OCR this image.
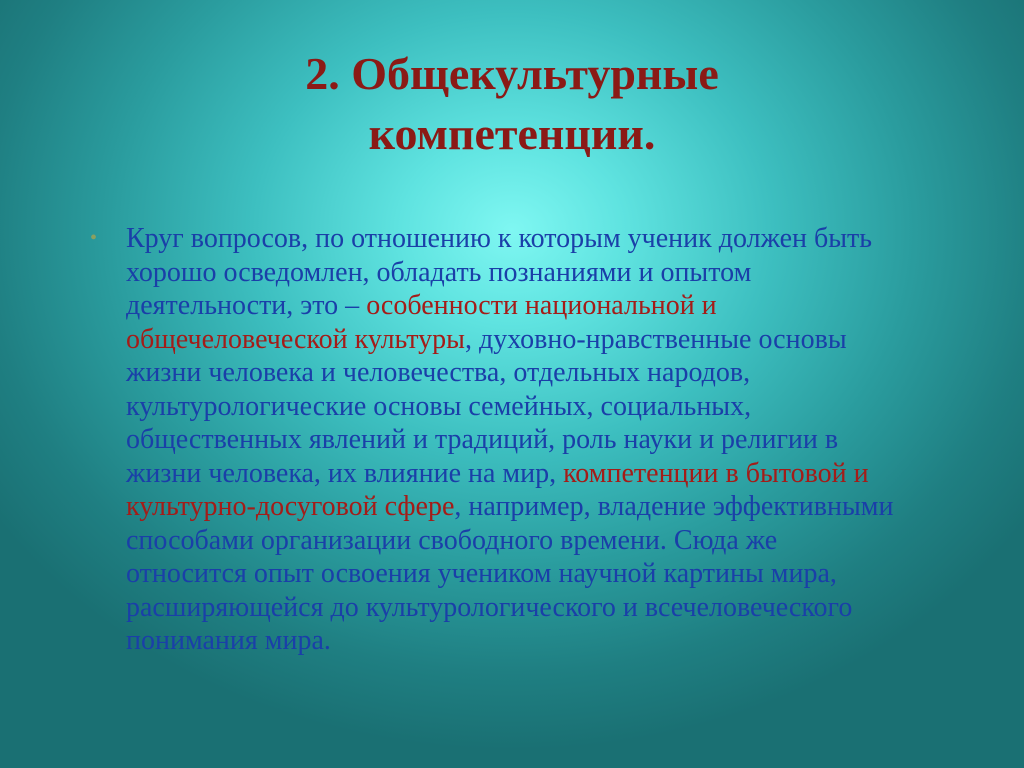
2. Общекультурные
компетенции.
•	Круг вопросов, по отношению к которым ученик должен быть хорошо осведомлен, обладать познаниями и опытом деятельности, это – особенности национальной и общечеловеческой культуры, духовно-нравственные основы жизни человека и человечества, отдельных народов, культурологические основы семейных, социальных, общественных явлений и традиций, роль науки и религии в жизни человека, их влияние на мир, компетенции в бытовой и культурно-досуговой сфере, например, владение эффективными способами организации свободного времени. Сюда же относится опыт освоения учеником научной картины мира, расширяющейся до культурологического и всечеловеческого понимания мира.
